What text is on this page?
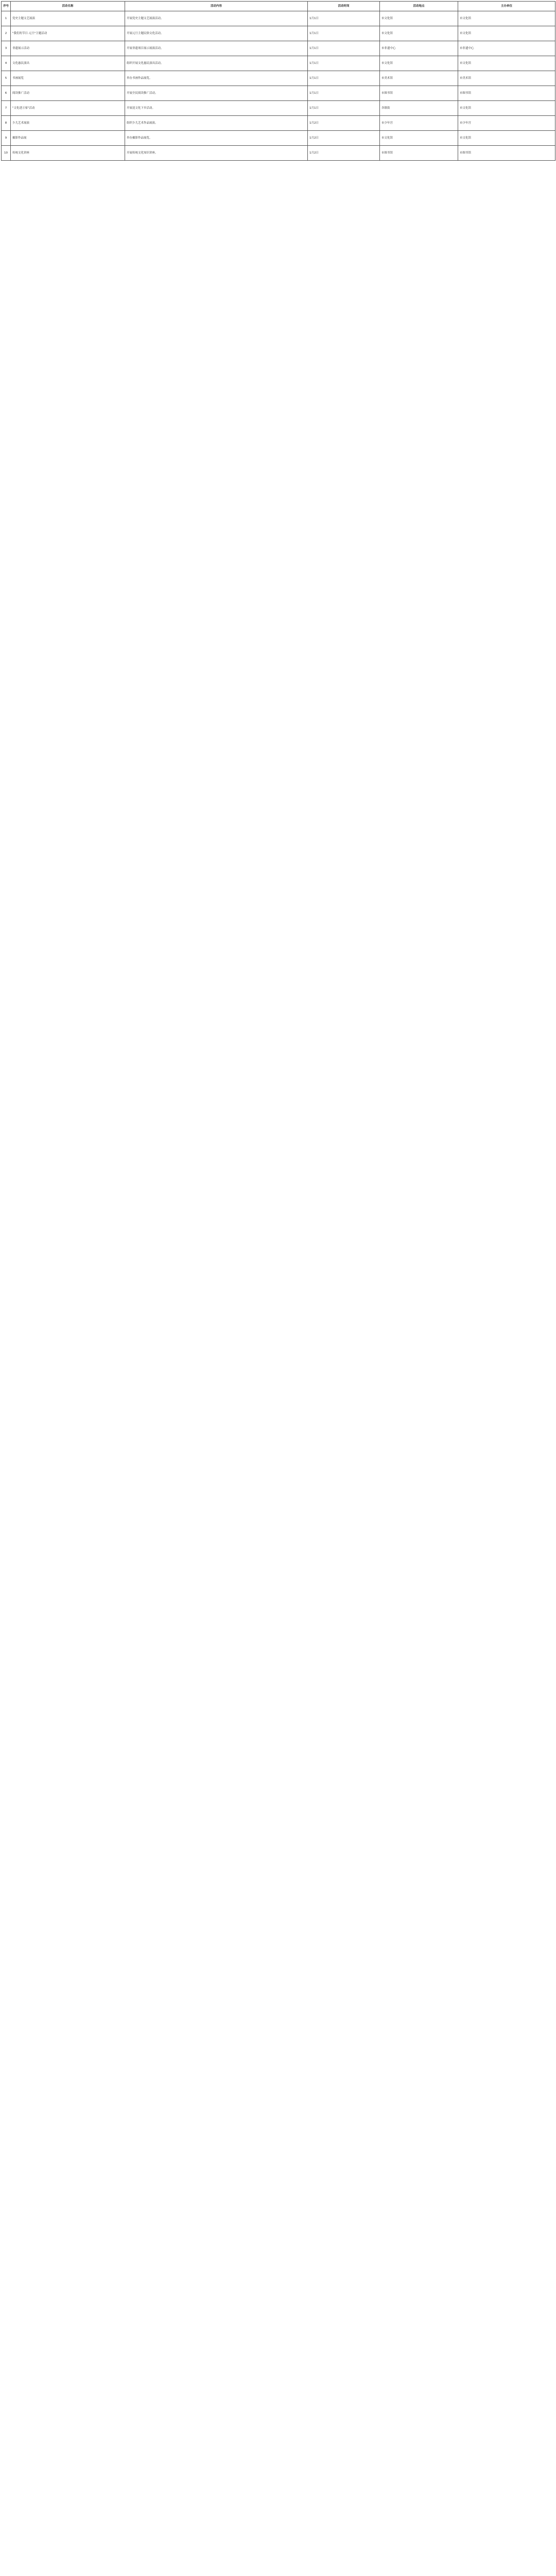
序号	活动名称	活动内容	活动时间	活动地点	主办单位
1	党史主题文艺展演	开展党史主题文艺展演活动。	1月1日	市文化馆	市文化馆
2	"我们的节日·元旦"主题活动	开展元旦主题民俗文化活动。	1月1日	市文化馆	市文化馆
3	非遗展示活动	开展非遗项目展示展演活动。	1月1日	市非遗中心	市非遗中心
4	文化惠民演出	组织开展文化惠民演出活动。	1月1日	市文化馆	市文化馆
5	书画展览	举办书画作品展览。	1月1日	市美术馆	市美术馆
6	阅读推广活动	开展全民阅读推广活动。	1月1日	市图书馆	市图书馆
7	"文化进万家"活动	开展送文化下乡活动。	1月1日	各镇街	市文化馆
8	少儿艺术展演	组织少儿艺术作品展演。	1月2日	市少年宫	市少年宫
9	摄影作品展	举办摄影作品展览。	1月2日	市文化馆	市文化馆
10	传统文化讲座	开展传统文化知识讲座。	1月2日	市图书馆	市图书馆
